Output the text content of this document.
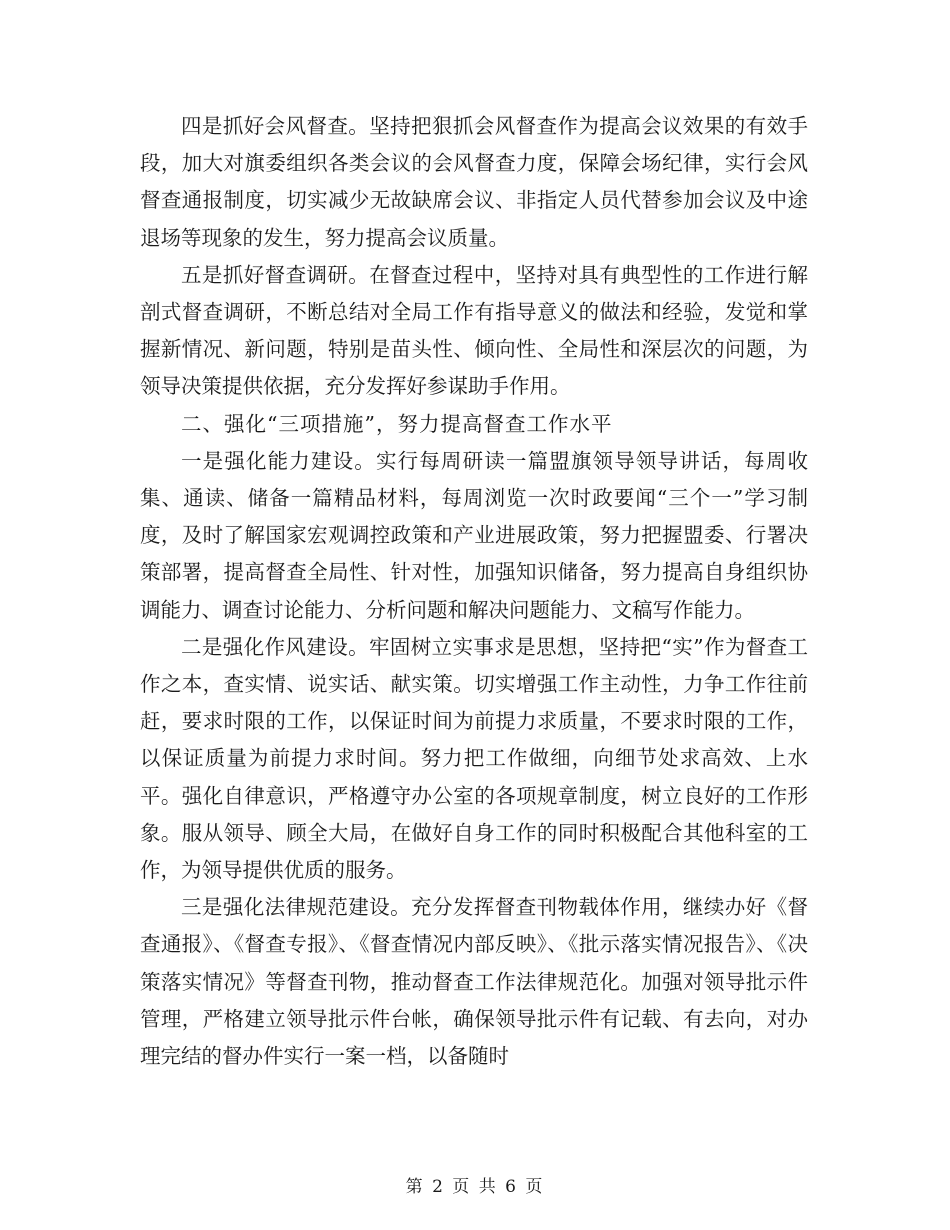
四是抓好会风督查。坚持把狠抓会风督查作为提高会议效果的有效手段，加大对旗委组织各类会议的会风督查力度，保障会场纪律，实行会风督查通报制度，切实减少无故缺席会议、非指定人员代替参加会议及中途退场等现象的发生，努力提高会议质量。

五是抓好督查调研。在督查过程中，坚持对具有典型性的工作进行解剖式督查调研，不断总结对全局工作有指导意义的做法和经验，发觉和掌握新情况、新问题，特别是苗头性、倾向性、全局性和深层次的问题，为领导决策提供依据，充分发挥好参谋助手作用。

二、强化“三项措施”，努力提高督查工作水平

一是强化能力建设。实行每周研读一篇盟旗领导领导讲话，每周收集、通读、储备一篇精品材料，每周浏览一次时政要闻“三个一”学习制度，及时了解国家宏观调控政策和产业进展政策，努力把握盟委、行署决策部署，提高督查全局性、针对性，加强知识储备，努力提高自身组织协调能力、调查讨论能力、分析问题和解决问题能力、文稿写作能力。

二是强化作风建设。牢固树立实事求是思想，坚持把“实”作为督查工作之本，查实情、说实话、献实策。切实增强工作主动性，力争工作往前赶，要求时限的工作，以保证时间为前提力求质量，不要求时限的工作，以保证质量为前提力求时间。努力把工作做细，向细节处求高效、上水平。强化自律意识，严格遵守办公室的各项规章制度，树立良好的工作形象。服从领导、顾全大局，在做好自身工作的同时积极配合其他科室的工作，为领导提供优质的服务。

三是强化法律规范建设。充分发挥督查刊物载体作用，继续办好《督查通报》、《督查专报》、《督查情况内部反映》、《批示落实情况报告》、《决策落实情况》等督查刊物，推动督查工作法律规范化。加强对领导批示件管理，严格建立领导批示件台帐，确保领导批示件有记载、有去向，对办理完结的督办件实行一案一档，以备随时

第 2 页 共 6 页
